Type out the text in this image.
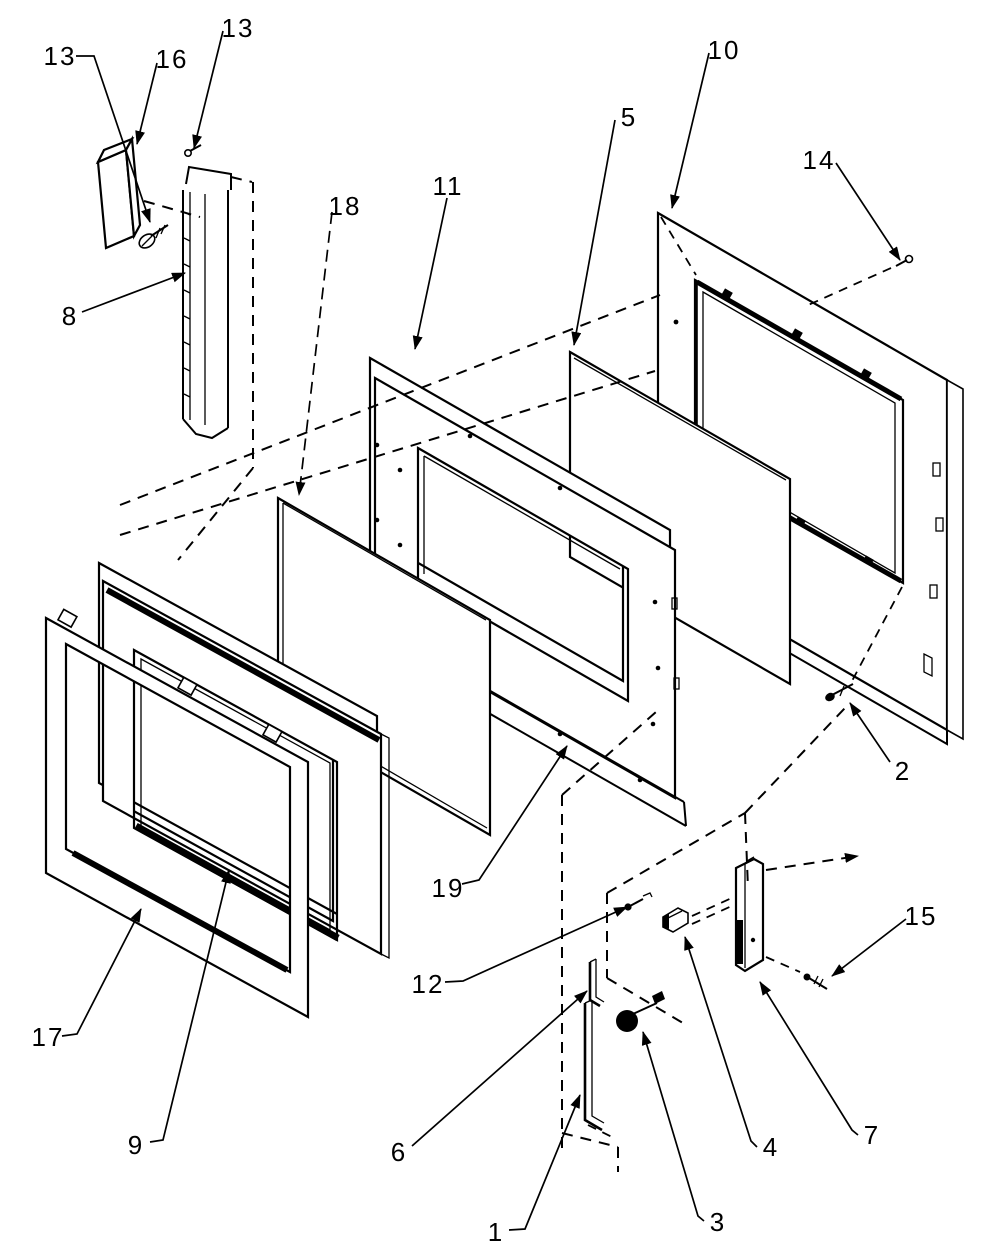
13	16
13
8
18
11
5
10
14
2
19
12
6
1	3
4	7
15
17
9
